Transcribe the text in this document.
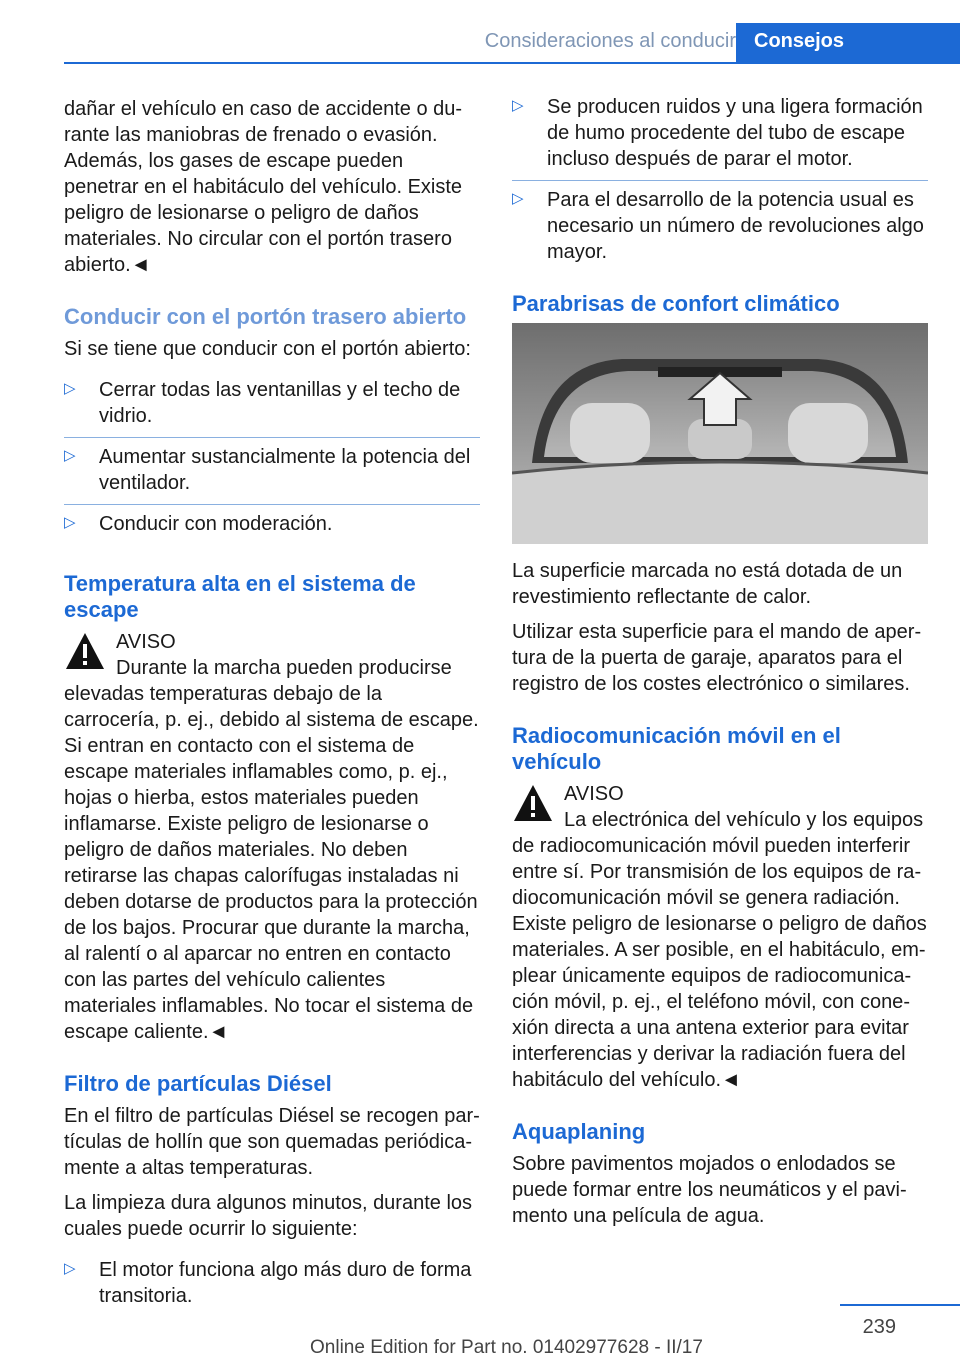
Consideraciones al conducir Consejos

dañar el vehículo en caso de accidente o durante las maniobras de frenado o evasión. Además, los gases de escape pueden penetrar en el habitáculo del vehículo. Existe peligro de lesionarse o peligro de daños materiales. No circular con el portón trasero abierto.◄

Conducir con el portón trasero abierto

Si se tiene que conducir con el portón abierto:

▷ Cerrar todas las ventanillas y el techo de vidrio.
▷ Aumentar sustancialmente la potencia del ventilador.
▷ Conducir con moderación.
Temperatura alta en el sistema de escape
AVISO
Durante la marcha pueden producirse
elevadas temperaturas debajo de la carrocería, p. ej., debido al sistema de escape. Si entran en contacto con el sistema de escape materiales inflamables como, p. ej., hojas o hierba, estos materiales pueden inflamarse. Existe peligro de lesionarse o peligro de daños materiales. No deben retirarse las chapas calorífugas instaladas ni deben dotarse de productos para la protección de los bajos. Procurar que durante la marcha, al ralentí o al aparcar no entren en contacto con las partes del vehículo calientes materiales inflamables. No tocar el sistema de escape caliente.◄
Filtro de partículas Diésel

En el filtro de partículas Diésel se recogen partículas de hollín que son quemadas periódicamente a altas temperaturas.

La limpieza dura algunos minutos, durante los cuales puede ocurrir lo siguiente:

▷ El motor funciona algo más duro de forma transitoria.
▷ Se producen ruidos y una ligera formación de humo procedente del tubo de escape incluso después de parar el motor.
▷ Para el desarrollo de la potencia usual es necesario un número de revoluciones algo mayor.
Parabrisas de confort climático

La superficie marcada no está dotada de un revestimiento reflectante de calor.

Utilizar esta superficie para el mando de apertura de la puerta de garaje, aparatos para el registro de los costes electrónico o similares.

Radiocomunicación móvil en el vehículo
AVISO
La electrónica del vehículo y los equipos
de radiocomunicación móvil pueden interferir entre sí. Por transmisión de los equipos de radiocomunicación móvil se genera radiación. Existe peligro de lesionarse o peligro de daños materiales. A ser posible, en el habitáculo, emplear únicamente equipos de radiocomunicación móvil, p. ej., el teléfono móvil, con conexión directa a una antena exterior para evitar interferencias y derivar la radiación fuera del habitáculo del vehículo.◄
Aquaplaning

Sobre pavimentos mojados o enlodados se puede formar entre los neumáticos y el pavimento una película de agua.

239
Online Edition for Part no. 01402977628 - II/17
